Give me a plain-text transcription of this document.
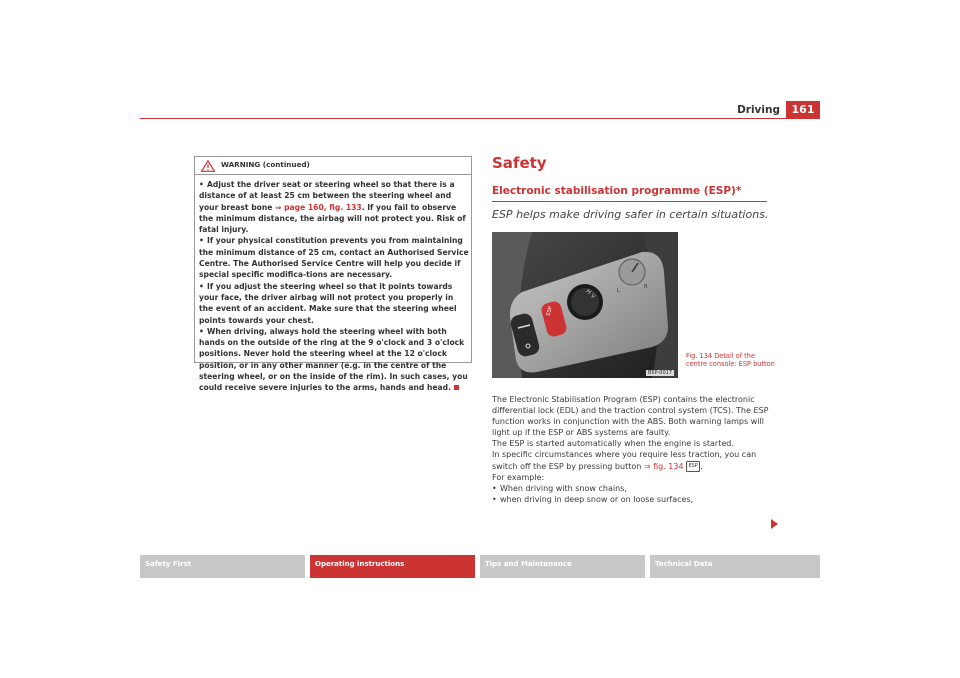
Driving	161
WARNING (continued)

• Adjust the driver seat or steering wheel so that there is a distance of at least 25 cm between the steering wheel and your breast bone ⇒ page 160, fig. 133. If you fail to observe the minimum distance, the airbag will not protect you. Risk of fatal injury.

• If your physical constitution prevents you from maintaining the minimum distance of 25 cm, contact an Authorised Service Centre. The Authorised Service Centre will help you decide if special specific modifica-tions are necessary.

• If you adjust the steering wheel so that it points towards your face, the driver airbag will not protect you properly in the event of an accident. Make sure that the steering wheel points towards your chest.

• When driving, always hold the steering wheel with both hands on the outside of the ring at the 9 o'clock and 3 o'clock positions. Never hold the steering wheel at the 12 o'clock position, or in any other manner (e.g. in the centre of the steering wheel, or on the inside of the rim). In such cases, you could receive severe injuries to the arms, hands and head.

Safety
Electronic stabilisation programme (ESP)*
ESP helps make driving safer in certain situations.
ESP
H V	L
R
B5P-0017
Fig. 134 Detail of the centre console: ESP button

The Electronic Stabilisation Program (ESP) contains the electronic differential lock (EDL) and the traction control system (TCS). The ESP function works in conjunction with the ABS. Both warning lamps will light up if the ESP or ABS systems are faulty.

The ESP is started automatically when the engine is started.

In specific circumstances where you require less traction, you can switch off the ESP by pressing button ⇒ fig. 134 ESP .

For example:

• When driving with snow chains,

• when driving in deep snow or on loose surfaces,

Safety First	Operating instructions	Tips and Maintenance	Technical Data
